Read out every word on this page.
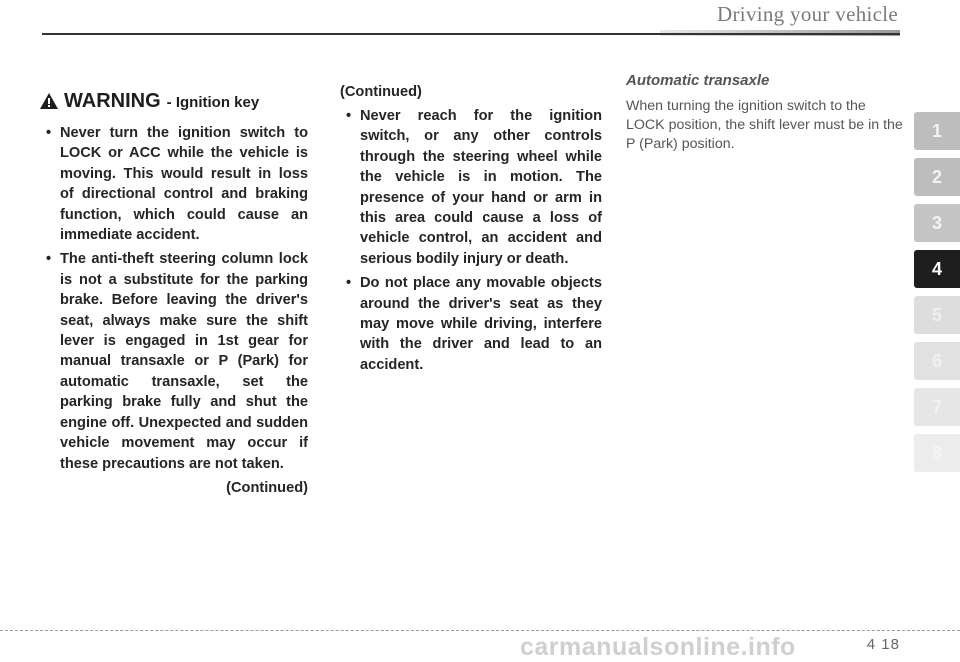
Driving your vehicle
WARNING - Ignition key
• Never turn the ignition switch to LOCK or ACC while the vehicle is moving. This would result in loss of directional control and braking function, which could cause an immediate accident.
• The anti-theft steering column lock is not a substitute for the parking brake. Before leaving the driver's seat, always make sure the shift lever is engaged in 1st gear for manual transaxle or P (Park) for automatic transaxle, set the parking brake fully and shut the engine off. Unexpected and sudden vehicle movement may occur if these precautions are not taken.
(Continued)
(Continued)
• Never reach for the ignition switch, or any other controls through the steering wheel while the vehicle is in motion. The presence of your hand or arm in this area could cause a loss of vehicle control, an accident and serious bodily injury or death.
• Do not place any movable objects around the driver's seat as they may move while driving, interfere with the driver and lead to an accident.
Automatic transaxle
When turning the ignition switch to the LOCK position, the shift lever must be in the P (Park) position.
1
2
3
4
5
6
7
8
carmanualsonline.info	4 18
